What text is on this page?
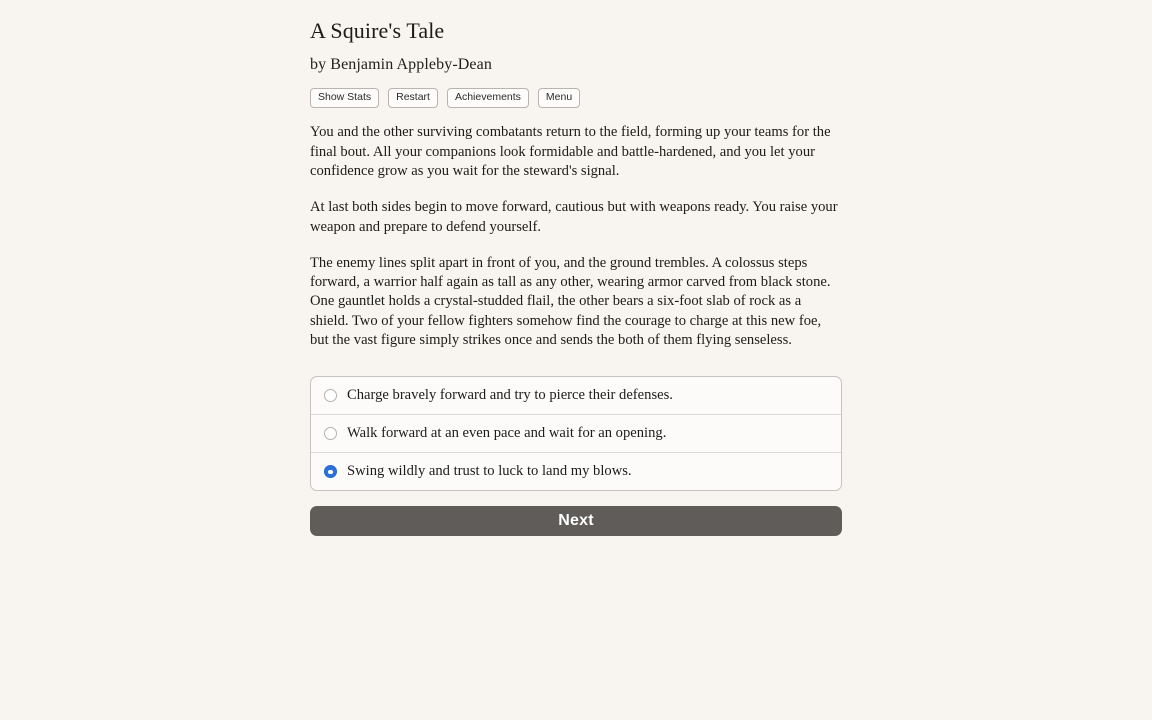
A Squire's Tale
by Benjamin Appleby-Dean
Show Stats	Restart	Achievements	Menu

You and the other surviving combatants return to the field, forming up your teams for the final bout. All your companions look formidable and battle-hardened, and you let your confidence grow as you wait for the steward's signal.

At last both sides begin to move forward, cautious but with weapons ready. You raise your weapon and prepare to defend yourself.

The enemy lines split apart in front of you, and the ground trembles. A colossus steps forward, a warrior half again as tall as any other, wearing armor carved from black stone. One gauntlet holds a crystal-studded flail, the other bears a six-foot slab of rock as a shield. Two of your fellow fighters somehow find the courage to charge at this new foe, but the vast figure simply strikes once and sends the both of them flying senseless.

Charge bravely forward and try to pierce their defenses.
Walk forward at an even pace and wait for an opening.
Swing wildly and trust to luck to land my blows.
Next
